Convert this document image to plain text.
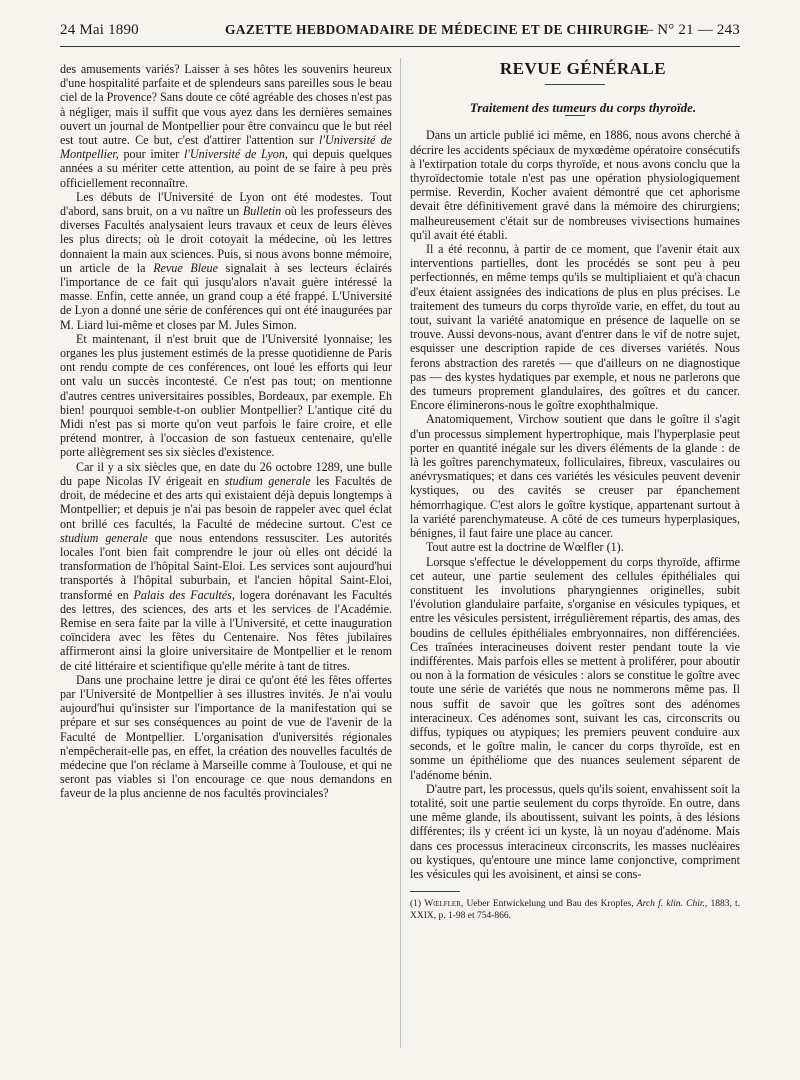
24 Mai 1890	GAZETTE HEBDOMADAIRE DE MÉDECINE ET DE CHIRURGIE
— N° 21 — 243

des amusements variés? Laisser à ses hôtes les souvenirs heureux d'une hospitalité parfaite et de splendeurs sans pareilles sous le beau ciel de la Provence? Sans doute ce côté agréable des choses n'est pas à négliger, mais il suffit que vous ayez dans les dernières semaines ouvert un journal de Montpellier pour être convaincu que le but réel est tout autre. Ce but, c'est d'attirer l'attention sur l'Université de Montpellier, pour imiter l'Université de Lyon, qui depuis quelques années a su mériter cette attention, au point de se faire à peu près officiellement reconnaître.

Les débuts de l'Université de Lyon ont été modestes. Tout d'abord, sans bruit, on a vu naître un Bulletin où les professeurs des diverses Facultés analysaient leurs travaux et ceux de leurs élèves les plus directs; où le droit cotoyait la médecine, où les lettres donnaient la main aux sciences. Puis, si nous avons bonne mémoire, un article de la Revue Bleue signalait à ses lecteurs éclairés l'importance de ce fait qui jusqu'alors n'avait guère intéressé la masse. Enfin, cette année, un grand coup a été frappé. L'Université de Lyon a donné une série de conférences qui ont été inaugurées par M. Liard lui-même et closes par M. Jules Simon.

Et maintenant, il n'est bruit que de l'Université lyonnaise; les organes les plus justement estimés de la presse quotidienne de Paris ont rendu compte de ces conférences, ont loué les efforts qui leur ont valu un succès incontesté. Ce n'est pas tout; on mentionne d'autres centres universitaires possibles, Bordeaux, par exemple. Eh bien! pourquoi semble-t-on oublier Montpellier? L'antique cité du Midi n'est pas si morte qu'on veut parfois le faire croire, et elle prétend montrer, à l'occasion de son fastueux centenaire, qu'elle porte allègrement ses six siècles d'existence.

Car il y a six siècles que, en date du 26 octobre 1289, une bulle du pape Nicolas IV érigeait en studium generale les Facultés de droit, de médecine et des arts qui existaient déjà depuis longtemps à Montpellier; et depuis je n'ai pas besoin de rappeler avec quel éclat ont brillé ces facultés, la Faculté de médecine surtout. C'est ce studium generale que nous entendons ressusciter. Les autorités locales l'ont bien fait comprendre le jour où elles ont décidé la transformation de l'hôpital Saint-Eloi. Les services sont aujourd'hui transportés à l'hôpital suburbain, et l'ancien hôpital Saint-Eloi, transformé en Palais des Facultés, logera dorénavant les Facultés des lettres, des sciences, des arts et les services de l'Académie. Remise en sera faite par la ville à l'Université, et cette inauguration coïncidera avec les fêtes du Centenaire. Nos fêtes jubilaires affirmeront ainsi la gloire universitaire de Montpellier et le renom de cité littéraire et scientifique qu'elle mérite à tant de titres.

Dans une prochaine lettre je dirai ce qu'ont été les fêtes offertes par l'Université de Montpellier à ses illustres invités. Je n'ai voulu aujourd'hui qu'insister sur l'importance de la manifestation qui se prépare et sur ses conséquences au point de vue de l'avenir de la Faculté de Montpellier. L'organisation d'universités régionales n'empêcherait-elle pas, en effet, la création des nouvelles facultés de médecine que l'on réclame à Marseille comme à Toulouse, et qui ne seront pas viables si l'on encourage ce que nous demandons en faveur de la plus ancienne de nos facultés provinciales?

REVUE GÉNÉRALE

Traitement des tumeurs du corps thyroïde.

Dans un article publié ici même, en 1886, nous avons cherché à décrire les accidents spéciaux de myxœdème opératoire consécutifs à l'extirpation totale du corps thyroïde, et nous avons conclu que la thyroïdectomie totale n'est pas une opération physiologiquement permise. Reverdin, Kocher avaient démontré que cet aphorisme devait être définitivement gravé dans la mémoire des chirurgiens; malheureusement c'était sur de nombreuses vivisections humaines qu'il avait été établi.

Il a été reconnu, à partir de ce moment, que l'avenir était aux interventions partielles, dont les procédés se sont peu à peu perfectionnés, en même temps qu'ils se multipliaient et qu'à chacun d'eux étaient assignées des indications de plus en plus précises. Le traitement des tumeurs du corps thyroïde varie, en effet, du tout au tout, suivant la variété anatomique en présence de laquelle on se trouve. Aussi devons-nous, avant d'entrer dans le vif de notre sujet, esquisser une description rapide de ces diverses variétés. Nous ferons abstraction des raretés — que d'ailleurs on ne diagnostique pas — des kystes hydatiques par exemple, et nous ne parlerons que des tumeurs proprement glandulaires, des goîtres et du cancer. Encore éliminerons-nous le goître exophthalmique.

Anatomiquement, Virchow soutient que dans le goître il s'agit d'un processus simplement hypertrophique, mais l'hyperplasie peut porter en quantité inégale sur les divers éléments de la glande : de là les goîtres parenchymateux, folliculaires, fibreux, vasculaires ou anévrysmatiques; et dans ces variétés les vésicules peuvent devenir kystiques, ou des cavités se creuser par épanchement hémorrhagique. C'est alors le goître kystique, appartenant surtout à la variété parenchymateuse. A côté de ces tumeurs hyperplasiques, bénignes, il faut faire une place au cancer.

Tout autre est la doctrine de Wœlfler (1).

Lorsque s'effectue le développement du corps thyroïde, affirme cet auteur, une partie seulement des cellules épithéliales qui constituent les involutions pharyngiennes originelles, subit l'évolution glandulaire parfaite, s'organise en vésicules typiques, et entre les vésicules persistent, irrégulièrement répartis, des amas, des boudins de cellules épithéliales embryonnaires, non différenciées. Ces traînées interacineuses doivent rester pendant toute la vie indifférentes. Mais parfois elles se mettent à proliférer, pour aboutir ou non à la formation de vésicules : alors se constitue le goître avec toute une série de variétés que nous ne nommerons même pas. Il nous suffit de savoir que les goîtres sont des adénomes interacineux. Ces adénomes sont, suivant les cas, circonscrits ou diffus, typiques ou atypiques; les premiers peuvent conduire aux seconds, et le goître malin, le cancer du corps thyroïde, est en somme un épithéliome que des nuances seulement séparent de l'adénome bénin.

D'autre part, les processus, quels qu'ils soient, envahissent soit la totalité, soit une partie seulement du corps thyroïde. En outre, dans une même glande, ils aboutissent, suivant les points, à des lésions différentes; ils y créent ici un kyste, là un noyau d'adénome. Mais dans ces processus interacineux circonscrits, les masses nucléaires ou kystiques, qu'entoure une mince lame conjonctive, compriment les vésicules qui les avoisinent, et ainsi se cons-

(1) Wœlfler, Ueber Entwickelung und Bau des Kropfes, Arch f. klin. Chir., 1883, t. XXIX, p. 1-98 et 754-866.
